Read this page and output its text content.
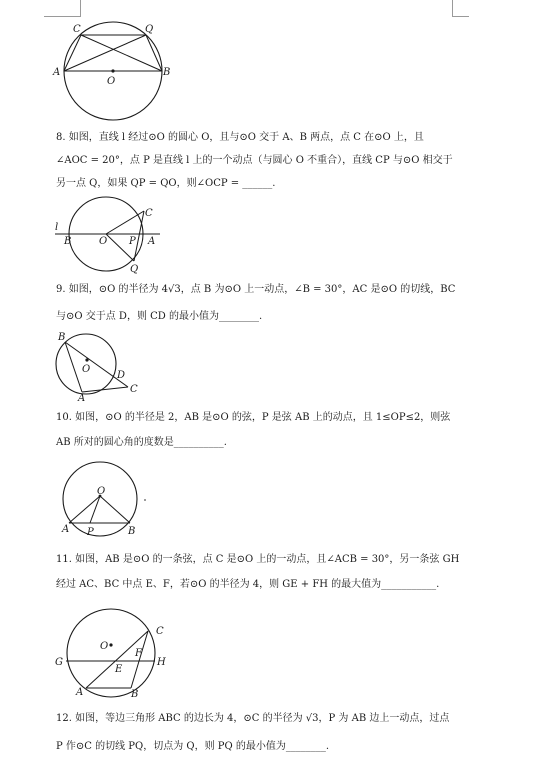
C	Q
A
O
B
8. 如图，直线 l 经过⊙O 的圆心 O，且与⊙O 交于 A、B 两点，点 C 在⊙O 上，且
∠AOC = 20°，点 P 是直线 l 上的一个动点（与圆心 O 不重合），直线 CP 与⊙O 相交于
另一点 Q，如果 QP = QO，则∠OCP = ______.
l
B	O P A
C
Q
9. 如图，⊙O 的半径为 4√3，点 B 为⊙O 上一动点，∠B = 30°，AC 是⊙O 的切线，BC
与⊙O 交于点 D，则 CD 的最小值为________.
B
O
D
C
A
10. 如图，⊙O 的半径是 2，AB 是⊙O 的弦，P 是弦 AB 上的动点，且 1≤OP≤2，则弦
AB 所对的圆心角的度数是__________.
O
A P	B
11. 如图，AB 是⊙O 的一条弦，点 C 是⊙O 上的一动点，且∠ACB = 30°，另一条弦 GH
经过 AC、BC 中点 E、F，若⊙O 的半径为 4，则 GE + FH 的最大值为___________.
C
O
F
G
E
H
A	B
12. 如图，等边三角形 ABC 的边长为 4，⊙C 的半径为 √3，P 为 AB 边上一动点，过点
P 作⊙C 的切线 PQ，切点为 Q，则 PQ 的最小值为________.
